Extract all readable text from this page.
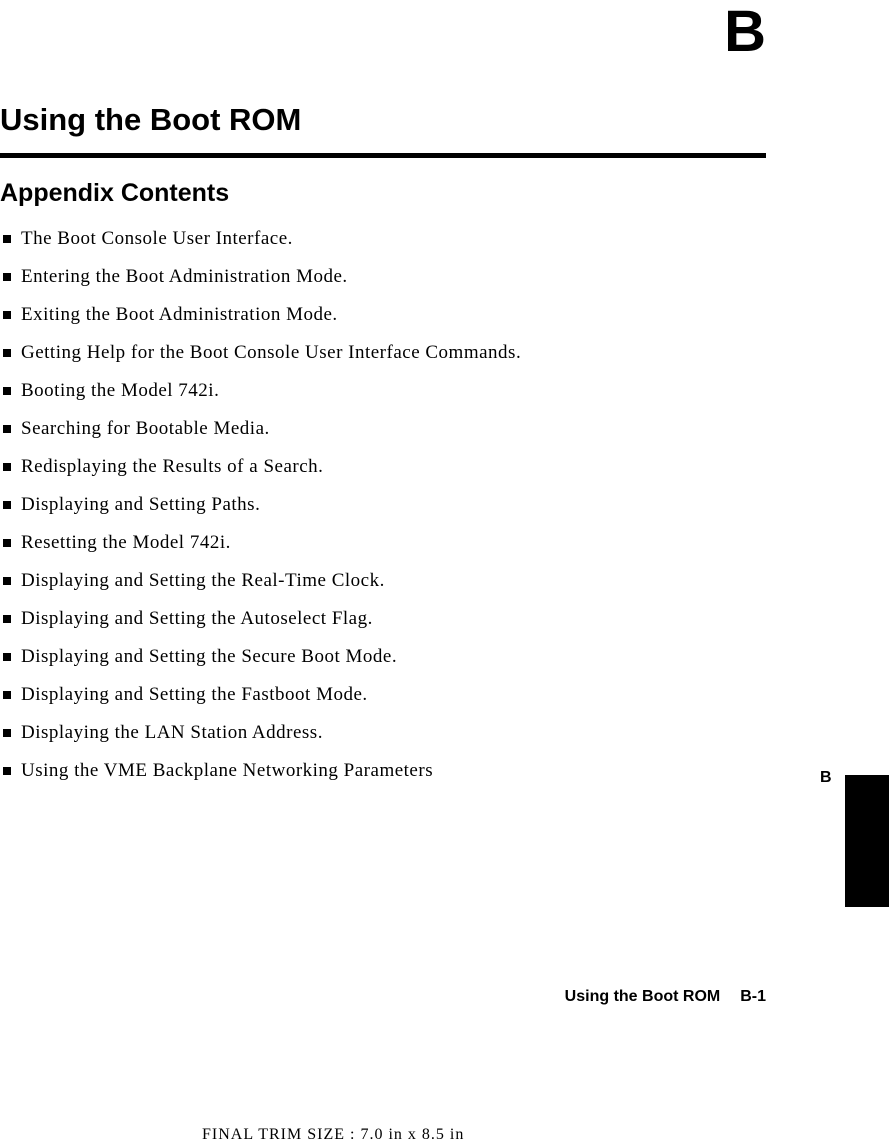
B
Using the Boot ROM
Appendix Contents
The Boot Console User Interface.
Entering the Boot Administration Mode.
Exiting the Boot Administration Mode.
Getting Help for the Boot Console User Interface Commands.
Booting the Model 742i.
Searching for Bootable Media.
Redisplaying the Results of a Search.
Displaying and Setting Paths.
Resetting the Model 742i.
Displaying and Setting the Real-Time Clock.
Displaying and Setting the Autoselect Flag.
Displaying and Setting the Secure Boot Mode.
Displaying and Setting the Fastboot Mode.
Displaying the LAN Station Address.
Using the VME Backplane Networking Parameters	B
Using the Boot ROM B-1
FINAL TRIM SIZE : 7.0 in x 8.5 in
